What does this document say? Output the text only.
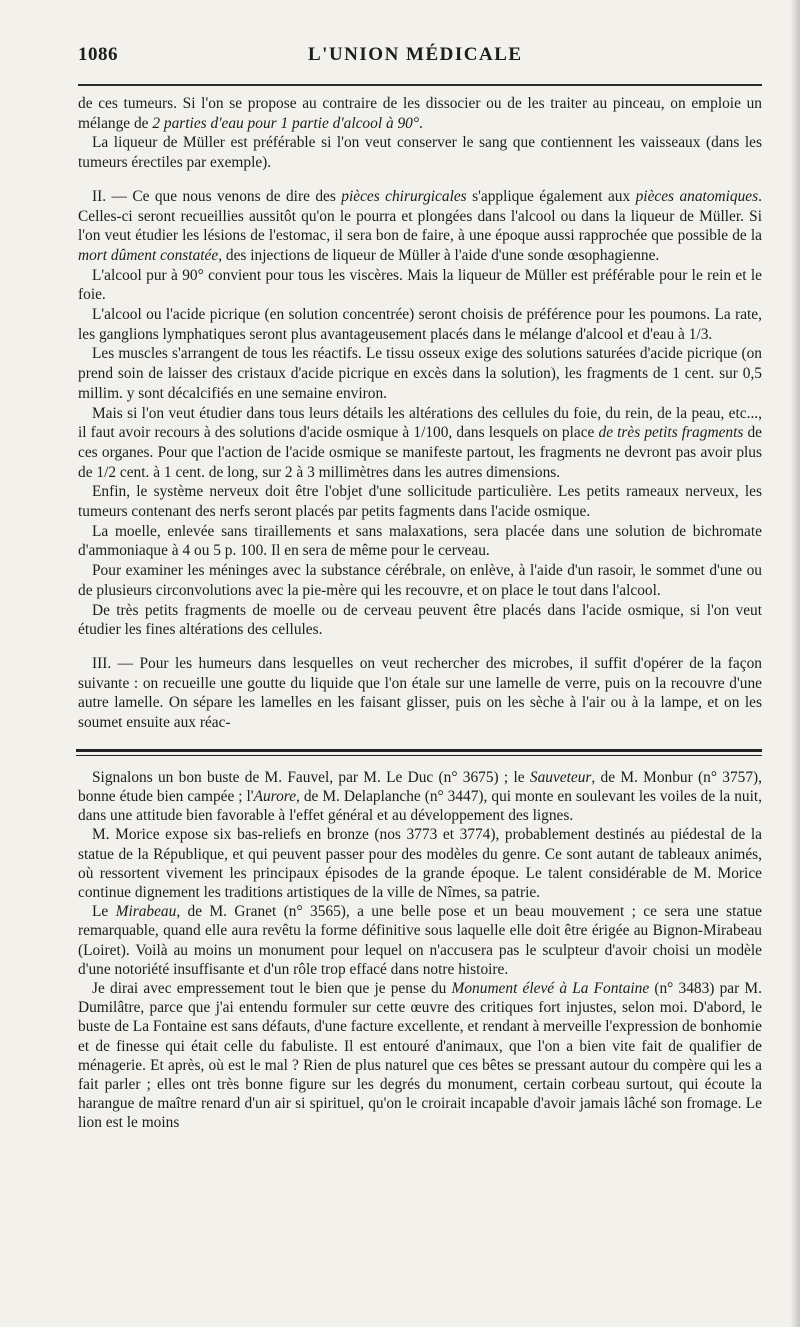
1086	L'UNION MÉDICALE

de ces tumeurs. Si l'on se propose au contraire de les dissocier ou de les traiter au pinceau, on emploie un mélange de 2 parties d'eau pour 1 partie d'alcool à 90°.

La liqueur de Müller est préférable si l'on veut conserver le sang que contiennent les vaisseaux (dans les tumeurs érectiles par exemple).

II. — Ce que nous venons de dire des pièces chirurgicales s'applique également aux pièces anatomiques. Celles-ci seront recueillies aussitôt qu'on le pourra et plongées dans l'alcool ou dans la liqueur de Müller. Si l'on veut étudier les lésions de l'estomac, il sera bon de faire, à une époque aussi rapprochée que possible de la mort dûment constatée, des injections de liqueur de Müller à l'aide d'une sonde œsophagienne.

L'alcool pur à 90° convient pour tous les viscères. Mais la liqueur de Müller est préférable pour le rein et le foie.

L'alcool ou l'acide picrique (en solution concentrée) seront choisis de préférence pour les poumons. La rate, les ganglions lymphatiques seront plus avantageusement placés dans le mélange d'alcool et d'eau à 1/3.

Les muscles s'arrangent de tous les réactifs. Le tissu osseux exige des solutions saturées d'acide picrique (on prend soin de laisser des cristaux d'acide picrique en excès dans la solution), les fragments de 1 cent. sur 0,5 millim. y sont décalcifiés en une semaine environ.

Mais si l'on veut étudier dans tous leurs détails les altérations des cellules du foie, du rein, de la peau, etc..., il faut avoir recours à des solutions d'acide osmique à 1/100, dans lesquels on place de très petits fragments de ces organes. Pour que l'action de l'acide osmique se manifeste partout, les fragments ne devront pas avoir plus de 1/2 cent. à 1 cent. de long, sur 2 à 3 millimètres dans les autres dimensions.

Enfin, le système nerveux doit être l'objet d'une sollicitude particulière. Les petits rameaux nerveux, les tumeurs contenant des nerfs seront placés par petits fagments dans l'acide osmique.

La moelle, enlevée sans tiraillements et sans malaxations, sera placée dans une solution de bichromate d'ammoniaque à 4 ou 5 p. 100. Il en sera de même pour le cerveau.

Pour examiner les méninges avec la substance cérébrale, on enlève, à l'aide d'un rasoir, le sommet d'une ou de plusieurs circonvolutions avec la pie-mère qui les recouvre, et on place le tout dans l'alcool.

De très petits fragments de moelle ou de cerveau peuvent être placés dans l'acide osmique, si l'on veut étudier les fines altérations des cellules.

III. — Pour les humeurs dans lesquelles on veut rechercher des microbes, il suffit d'opérer de la façon suivante : on recueille une goutte du liquide que l'on étale sur une lamelle de verre, puis on la recouvre d'une autre lamelle. On sépare les lamelles en les faisant glisser, puis on les sèche à l'air ou à la lampe, et on les soumet ensuite aux réac-

Signalons un bon buste de M. Fauvel, par M. Le Duc (n° 3675) ; le Sauveteur, de M. Monbur (n° 3757), bonne étude bien campée ; l'Aurore, de M. Delaplanche (n° 3447), qui monte en soulevant les voiles de la nuit, dans une attitude bien favorable à l'effet général et au développement des lignes.

M. Morice expose six bas-reliefs en bronze (nos 3773 et 3774), probablement destinés au piédestal de la statue de la République, et qui peuvent passer pour des modèles du genre. Ce sont autant de tableaux animés, où ressortent vivement les principaux épisodes de la grande époque. Le talent considérable de M. Morice continue dignement les traditions artistiques de la ville de Nîmes, sa patrie.

Le Mirabeau, de M. Granet (n° 3565), a une belle pose et un beau mouvement ; ce sera une statue remarquable, quand elle aura revêtu la forme définitive sous laquelle elle doit être érigée au Bignon-Mirabeau (Loiret). Voilà au moins un monument pour lequel on n'accusera pas le sculpteur d'avoir choisi un modèle d'une notoriété insuffisante et d'un rôle trop effacé dans notre histoire.

Je dirai avec empressement tout le bien que je pense du Monument élevé à La Fontaine (n° 3483) par M. Dumilâtre, parce que j'ai entendu formuler sur cette œuvre des critiques fort injustes, selon moi. D'abord, le buste de La Fontaine est sans défauts, d'une facture excellente, et rendant à merveille l'expression de bonhomie et de finesse qui était celle du fabuliste. Il est entouré d'animaux, que l'on a bien vite fait de qualifier de ménagerie. Et après, où est le mal ? Rien de plus naturel que ces bêtes se pressant autour du compère qui les a fait parler ; elles ont très bonne figure sur les degrés du monument, certain corbeau surtout, qui écoute la harangue de maître renard d'un air si spirituel, qu'on le croirait incapable d'avoir jamais lâché son fromage. Le lion est le moins
